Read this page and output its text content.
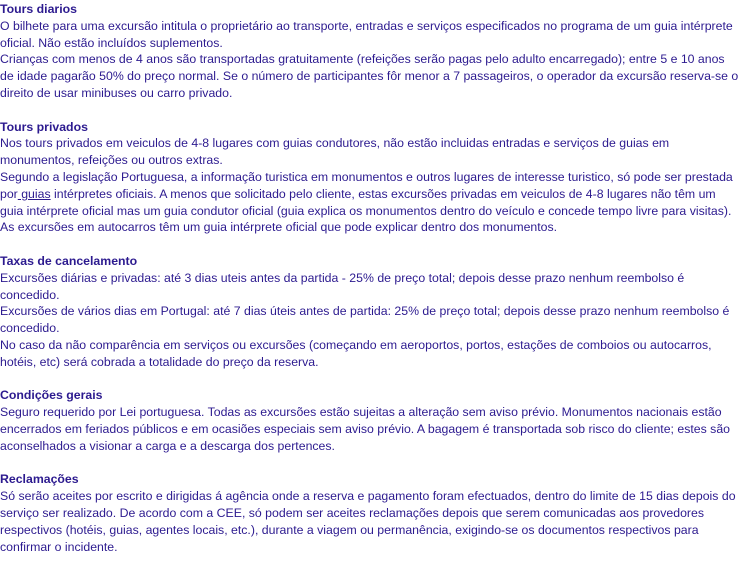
Tours diarios

O bilhete para uma excursão intitula o proprietário ao transporte, entradas e serviços especificados no programa de um guia intérprete oficial. Não estão incluídos suplementos.

Crianças com menos de 4 anos são transportadas gratuitamente (refeições serão pagas pelo adulto encarregado); entre 5 e 10 anos de idade pagarão 50% do preço normal. Se o número de participantes fôr menor a 7 passageiros, o operador da excursão reserva-se o direito de usar minibuses ou carro privado.

Tours privados

Nos tours privados em veiculos de 4-8 lugares com guias condutores, não estão incluidas entradas e serviços de guias em monumentos, refeições ou outros extras.

Segundo a legislação Portuguesa, a informação turistica em monumentos e outros lugares de interesse turistico, só pode ser prestada por guias intérpretes oficiais. A menos que solicitado pelo cliente, estas excursões privadas em veiculos de 4-8 lugares não têm um guia intérprete oficial mas um guia condutor oficial (guia explica os monumentos dentro do veículo e concede tempo livre para visitas).

As excursões em autocarros têm um guia intérprete oficial que pode explicar dentro dos monumentos.

Taxas de cancelamento

Excursões diárias e privadas: até 3 dias uteis antes da partida - 25% de preço total; depois desse prazo nenhum reembolso é concedido.

Excursões de vários dias em Portugal: até 7 dias úteis antes de partida: 25% de preço total; depois desse prazo nenhum reembolso é concedido.

No caso da não comparência em serviços ou excursões (começando em aeroportos, portos, estações de comboios ou autocarros, hotéis, etc) será cobrada a totalidade do preço da reserva.

Condições gerais

Seguro requerido por Lei portuguesa. Todas as excursões estão sujeitas a alteração sem aviso prévio. Monumentos nacionais estão encerrados em feriados públicos e em ocasiões especiais sem aviso prévio. A bagagem é transportada sob risco do cliente; estes são aconselhados a visionar a carga e a descarga dos pertences.

Reclamações

Só serão aceites por escrito e dirigidas á agência onde a reserva e pagamento foram efectuados, dentro do limite de 15 dias depois do serviço ser realizado. De acordo com a CEE, só podem ser aceites reclamações depois que serem comunicadas aos provedores respectivos (hotéis, guias, agentes locais, etc.), durante a viagem ou permanência, exigindo-se os documentos respectivos para confirmar o incidente.
